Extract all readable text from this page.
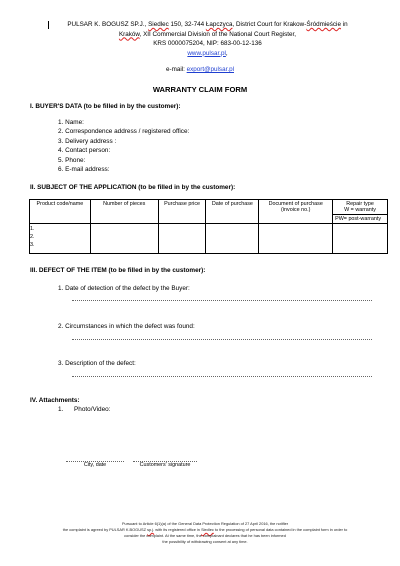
PULSAR K. BOGUSZ SP.J., Siedlec 150, 32-744 Łapczyca, District Court for Krakow-Śródmieście in
Kraków, XII Commercial Division of the National Court Register,
KRS 0000075204, NIP: 683-00-12-136
www.pulsar.pl,
e-mail: export@pulsar.pl
WARRANTY CLAIM FORM
I. BUYER'S DATA (to be filled in by the customer):
1. Name:
2. Correspondence address / registered office:
3. Delivery address :
4. Contact person:
5. Phone:
6. E-mail address:
II. SUBJECT OF THE APPLICATION (to be filled in by the customer):
Product code/name	Number of pieces	Purchase price	Date of purchase	Document of purchase (invoice no.)	Repair type
W = warranty
PW= post-warranty

1.
2.
3.
III. DEFECT OF THE ITEM (to be filled in by the customer):
1. Date of detection of the defect by the Buyer:
2. Circumstances in which the defect was found:
3. Description of the defect:
IV. Attachments:
1. Photo/Video:
City, date	Customers' signature
Pursuant to Article 6(1)(a) of the General Data Protection Regulation of 27 April 2016, the notifier
the complaint is agreed by PULSAR K.BOGUSZ sp.j. with its registered office in Siedlec to the processing of personal data contained in the complaint form in order to
consider the complaint. At the same time, the complainant declares that he has been informed
the possibility of withdrawing consent at any time.
